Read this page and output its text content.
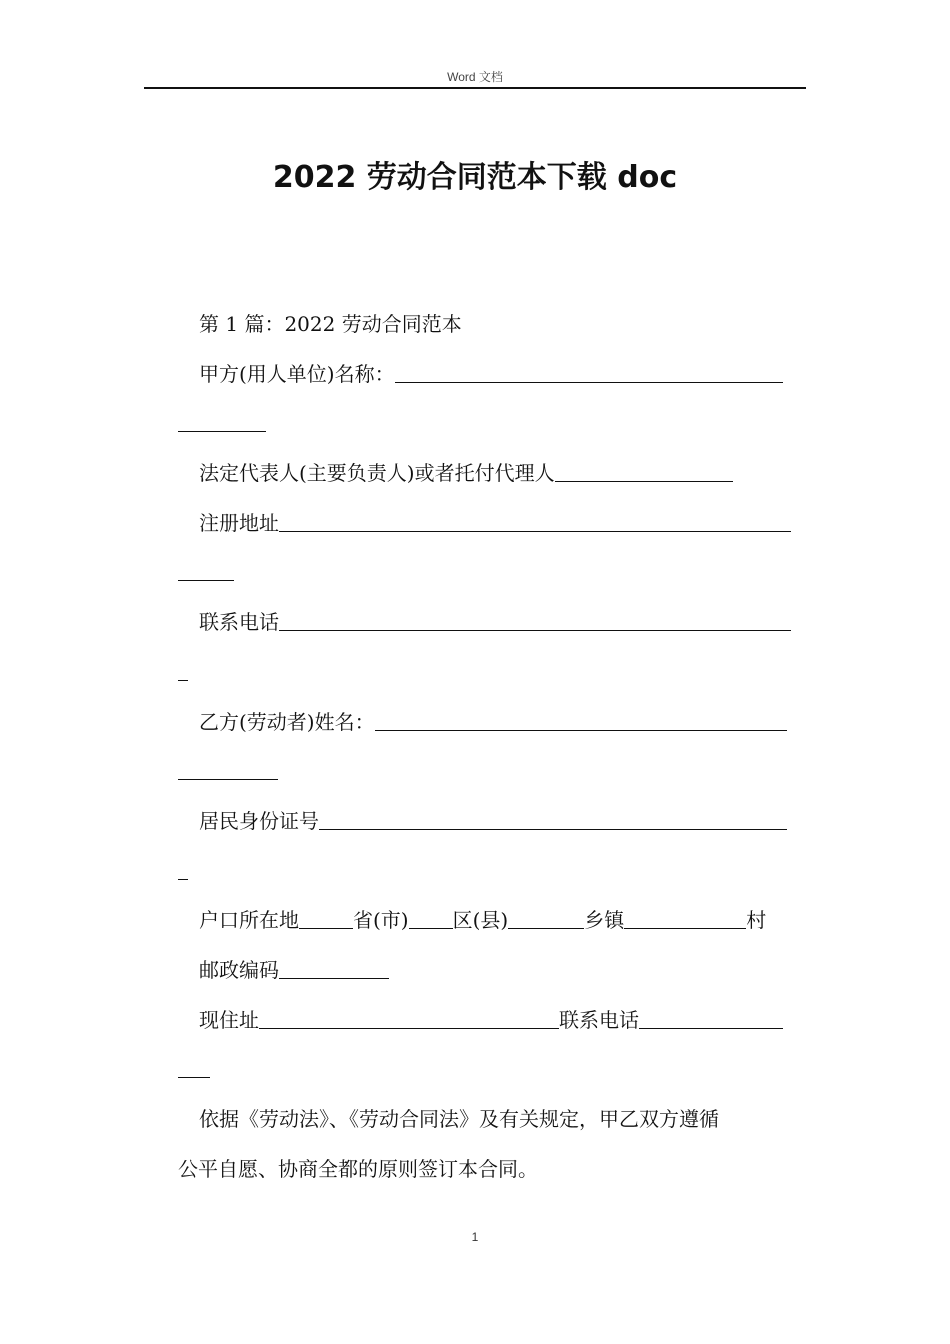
Word 文档
2022 劳动合同范本下载 doc
第 1 篇：2022 劳动合同范本
甲方(用人单位)名称：
法定代表人(主要负责人)或者托付代理人
注册地址
联系电话
乙方(劳动者)姓名：
居民身份证号
户口所在地	省(市) 区(县)	乡镇	村
邮政编码
现住址	联系电话
依据《劳动法》、《劳动合同法》及有关规定，甲乙双方遵循
公平自愿、协商全都的原则签订本合同。
1
